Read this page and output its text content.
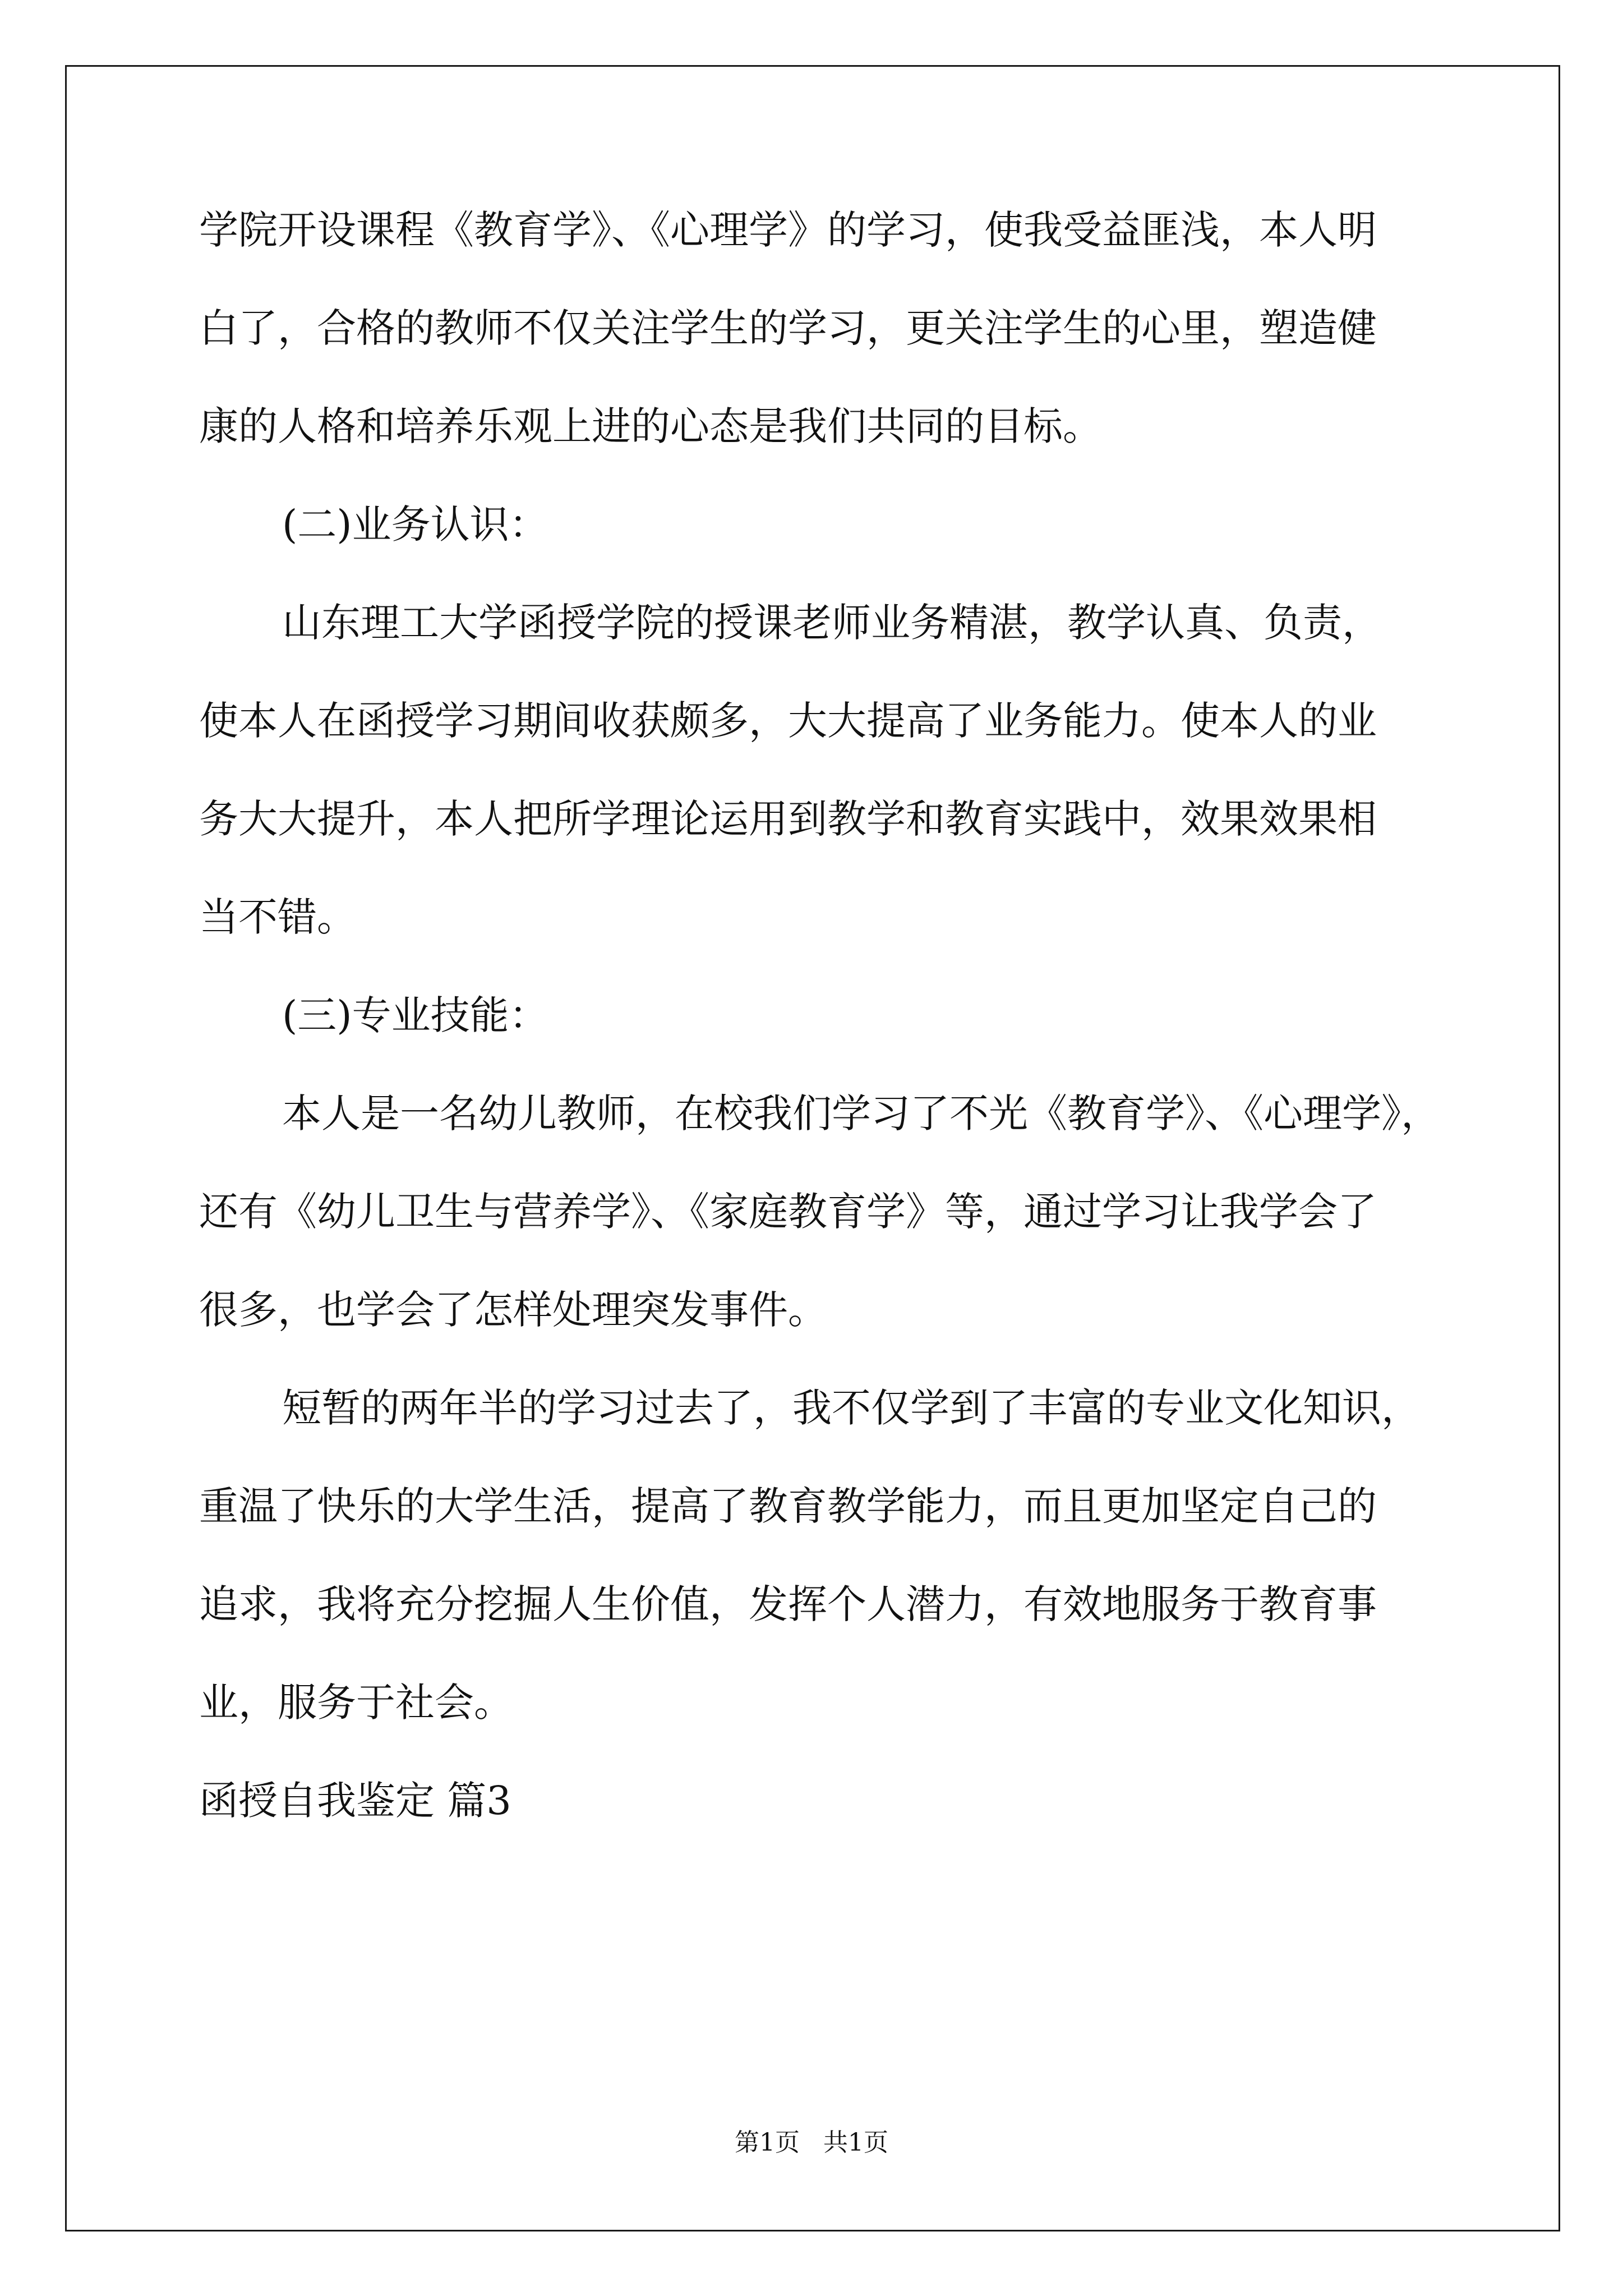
学院开设课程《教育学》、《心理学》的学习，使我受益匪浅，本人明
白了，合格的教师不仅关注学生的学习，更关注学生的心里，塑造健
康的人格和培养乐观上进的心态是我们共同的目标。
(二)业务认识：
山东理工大学函授学院的授课老师业务精湛，教学认真、负责，
使本人在函授学习期间收获颇多，大大提高了业务能力。使本人的业
务大大提升，本人把所学理论运用到教学和教育实践中，效果效果相
当不错。
(三)专业技能：
本人是一名幼儿教师，在校我们学习了不光《教育学》、《心理学》，
还有《幼儿卫生与营养学》、《家庭教育学》等，通过学习让我学会了
很多，也学会了怎样处理突发事件。
短暂的两年半的学习过去了，我不仅学到了丰富的专业文化知识，
重温了快乐的大学生活，提高了教育教学能力，而且更加坚定自己的
追求，我将充分挖掘人生价值，发挥个人潜力，有效地服务于教育事
业，服务于社会。
函授自我鉴定 篇3
第1页   共1页
